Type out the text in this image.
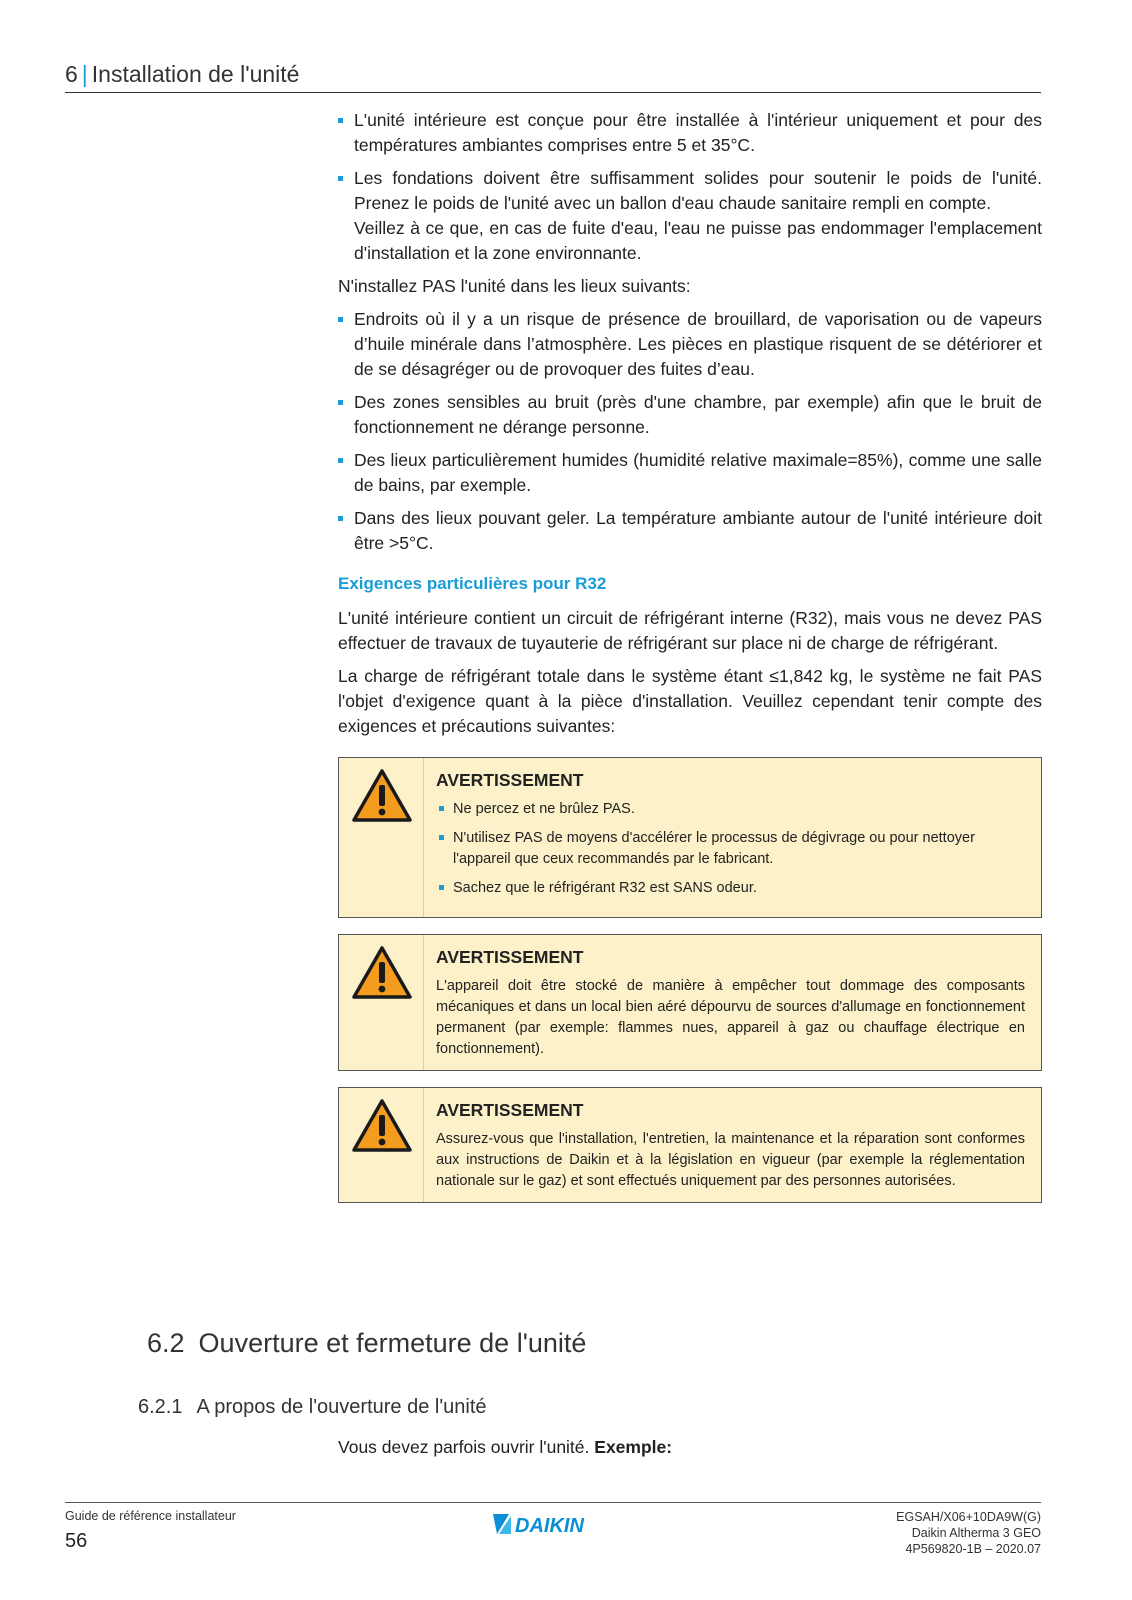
6 | Installation de l'unité
L'unité intérieure est conçue pour être installée à l'intérieur uniquement et pour des températures ambiantes comprises entre 5 et 35°C.
Les fondations doivent être suffisamment solides pour soutenir le poids de l'unité. Prenez le poids de l'unité avec un ballon d'eau chaude sanitaire rempli en compte.
Veillez à ce que, en cas de fuite d'eau, l'eau ne puisse pas endommager l'emplacement d'installation et la zone environnante.

N'installez PAS l'unité dans les lieux suivants:

Endroits où il y a un risque de présence de brouillard, de vaporisation ou de vapeurs d’huile minérale dans l’atmosphère. Les pièces en plastique risquent de se détériorer et de se désagréger ou de provoquer des fuites d’eau.
Des zones sensibles au bruit (près d'une chambre, par exemple) afin que le bruit de fonctionnement ne dérange personne.
Des lieux particulièrement humides (humidité relative maximale=85%), comme une salle de bains, par exemple.
Dans des lieux pouvant geler. La température ambiante autour de l'unité intérieure doit être >5°C.
Exigences particulières pour R32

L'unité intérieure contient un circuit de réfrigérant interne (R32), mais vous ne devez PAS effectuer de travaux de tuyauterie de réfrigérant sur place ni de charge de réfrigérant.

La charge de réfrigérant totale dans le système étant ≤1,842 kg, le système ne fait PAS l'objet d'exigence quant à la pièce d'installation. Veuillez cependant tenir compte des exigences et précautions suivantes:

AVERTISSEMENT
Ne percez et ne brûlez PAS.
N'utilisez PAS de moyens d'accélérer le processus de dégivrage ou pour nettoyer l'appareil que ceux recommandés par le fabricant.
Sachez que le réfrigérant R32 est SANS odeur.
AVERTISSEMENT
L'appareil doit être stocké de manière à empêcher tout dommage des composants mécaniques et dans un local bien aéré dépourvu de sources d'allumage en fonctionnement permanent (par exemple: flammes nues, appareil à gaz ou chauffage électrique en fonctionnement).
AVERTISSEMENT
Assurez-vous que l'installation, l'entretien, la maintenance et la réparation sont conformes aux instructions de Daikin et à la législation en vigueur (par exemple la réglementation nationale sur le gaz) et sont effectués uniquement par des personnes autorisées.
6.2 Ouverture et fermeture de l'unité
6.2.1 A propos de l'ouverture de l'unité
Vous devez parfois ouvrir l'unité. Exemple:
Guide de référence installateur
56
DAIKIN	EGSAH/X06+10DA9W(G)
Daikin Altherma 3 GEO
4P569820-1B – 2020.07
